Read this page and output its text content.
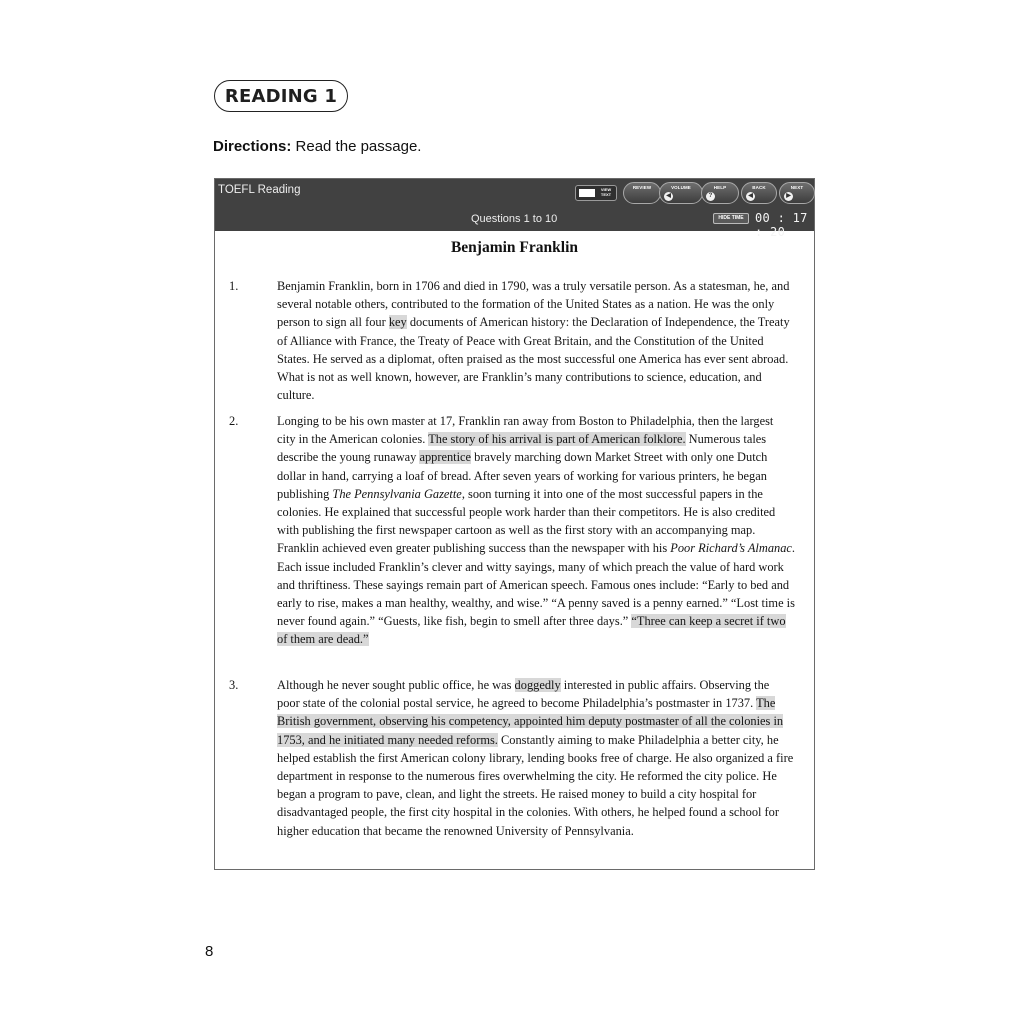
READING 1
Directions: Read the passage.
TOEFL Reading
Questions 1 to 10
VIEW TEXT
REVIEW	VOLUME
◀
HELP
?
BACK
◀
NEXT
▶
HIDE TIME 00 : 17 : 20
Benjamin Franklin
1.	Benjamin Franklin, born in 1706 and died in 1790, was a truly versatile person. As a statesman, he, and several notable others, contributed to the formation of the United States as a nation. He was the only person to sign all four key documents of American history: the Declaration of Independence, the Treaty of Alliance with France, the Treaty of Peace with Great Britain, and the Constitution of the United States. He served as a diplomat, often praised as the most successful one America has ever sent abroad. What is not as well known, however, are Franklin’s many contributions to science, education, and culture.
2.	Longing to be his own master at 17, Franklin ran away from Boston to Philadelphia, then the largest city in the American colonies. The story of his arrival is part of American folklore. Numerous tales describe the young runaway apprentice bravely marching down Market Street with only one Dutch dollar in hand, carrying a loaf of bread. After seven years of working for various printers, he began publishing The Pennsylvania Gazette, soon turning it into one of the most successful papers in the colonies. He explained that successful people work harder than their competitors. He is also credited with publishing the first newspaper cartoon as well as the first story with an accompanying map. Franklin achieved even greater publishing success than the newspaper with his Poor Richard’s Almanac. Each issue included Franklin’s clever and witty sayings, many of which preach the value of hard work and thriftiness. These sayings remain part of American speech. Famous ones include: “Early to bed and early to rise, makes a man healthy, wealthy, and wise.” “A penny saved is a penny earned.” “Lost time is never found again.” “Guests, like fish, begin to smell after three days.” “Three can keep a secret if two of them are dead.”
3.	Although he never sought public office, he was doggedly interested in public affairs. Observing the poor state of the colonial postal service, he agreed to become Philadelphia’s postmaster in 1737. The British government, observing his competency, appointed him deputy postmaster of all the colonies in 1753, and he initiated many needed reforms. Constantly aiming to make Philadelphia a better city, he helped establish the first American colony library, lending books free of charge. He also organized a fire department in response to the numerous fires overwhelming the city. He reformed the city police. He began a program to pave, clean, and light the streets. He raised money to build a city hospital for disadvantaged people, the first city hospital in the colonies. With others, he helped found a school for higher education that became the renowned University of Pennsylvania.
8
